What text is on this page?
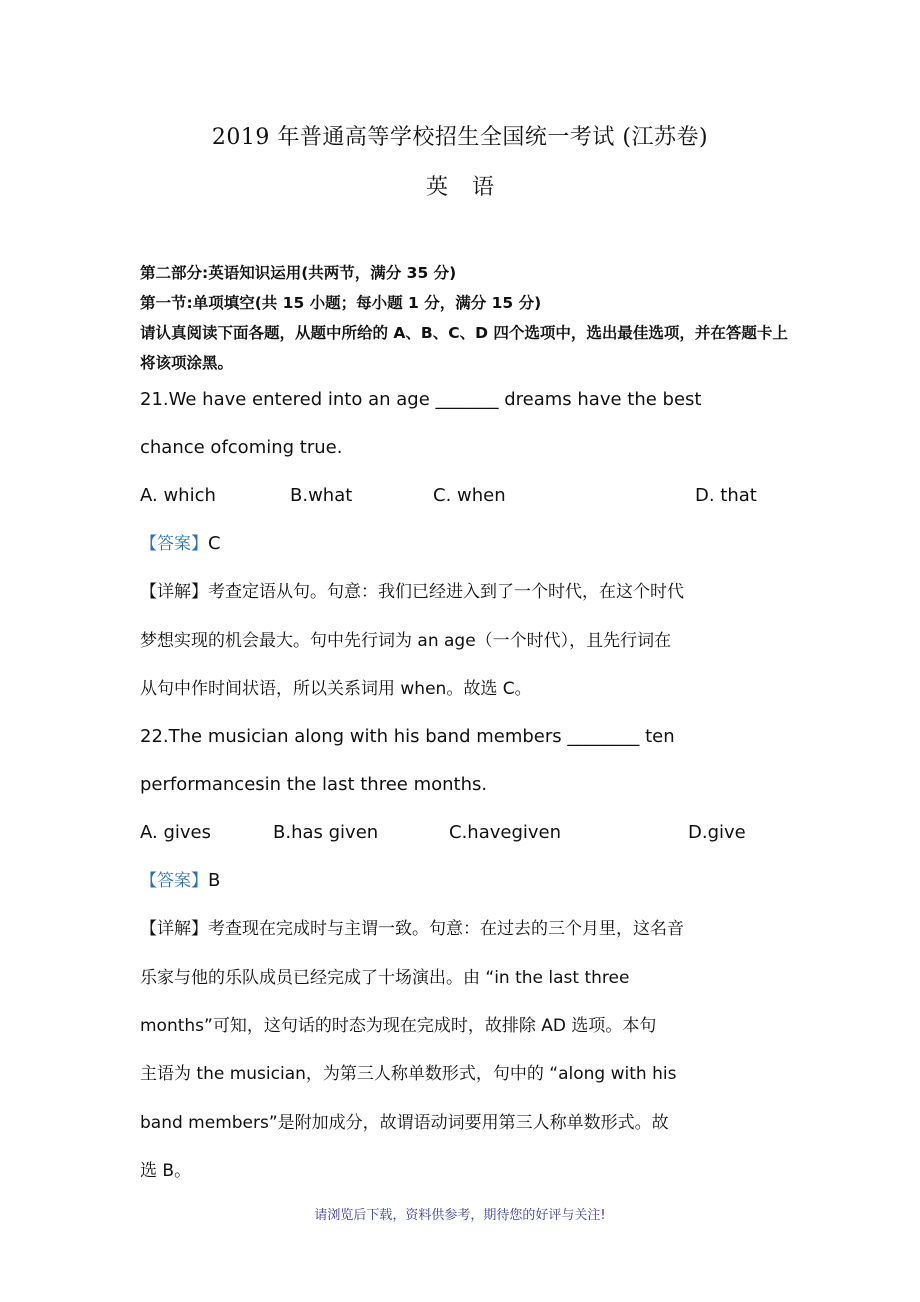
2019 年普通高等学校招生全国统一考试 (江苏卷)
英语
第二部分:英语知识运用(共两节，满分 35 分)
第一节:单项填空(共 15 小题；每小题 1 分，满分 15 分)
请认真阅读下面各题，从题中所给的 A、B、C、D 四个选项中，选出最佳选项，并在答题卡上将该项涂黑。
21.We have entered into an age _______ dreams have the best
chance ofcoming true.
A. which	B.what	C. when	D. that
【答案】C
【详解】考查定语从句。句意：我们已经进入到了一个时代，在这个时代
梦想实现的机会最大。句中先行词为 an age（一个时代），且先行词在
从句中作时间状语，所以关系词用 when。故选 C。
22.The musician along with his band members ________ ten
performancesin the last three months.
A. gives	B.has given	C.havegiven	D.give
【答案】B
【详解】考查现在完成时与主谓一致。句意：在过去的三个月里，这名音
乐家与他的乐队成员已经完成了十场演出。由 “in the last three
months”可知，这句话的时态为现在完成时，故排除 AD 选项。本句
主语为 the musician，为第三人称单数形式，句中的 “along with his
band members”是附加成分，故谓语动词要用第三人称单数形式。故
选 B。
请浏览后下载，资料供参考，期待您的好评与关注!
